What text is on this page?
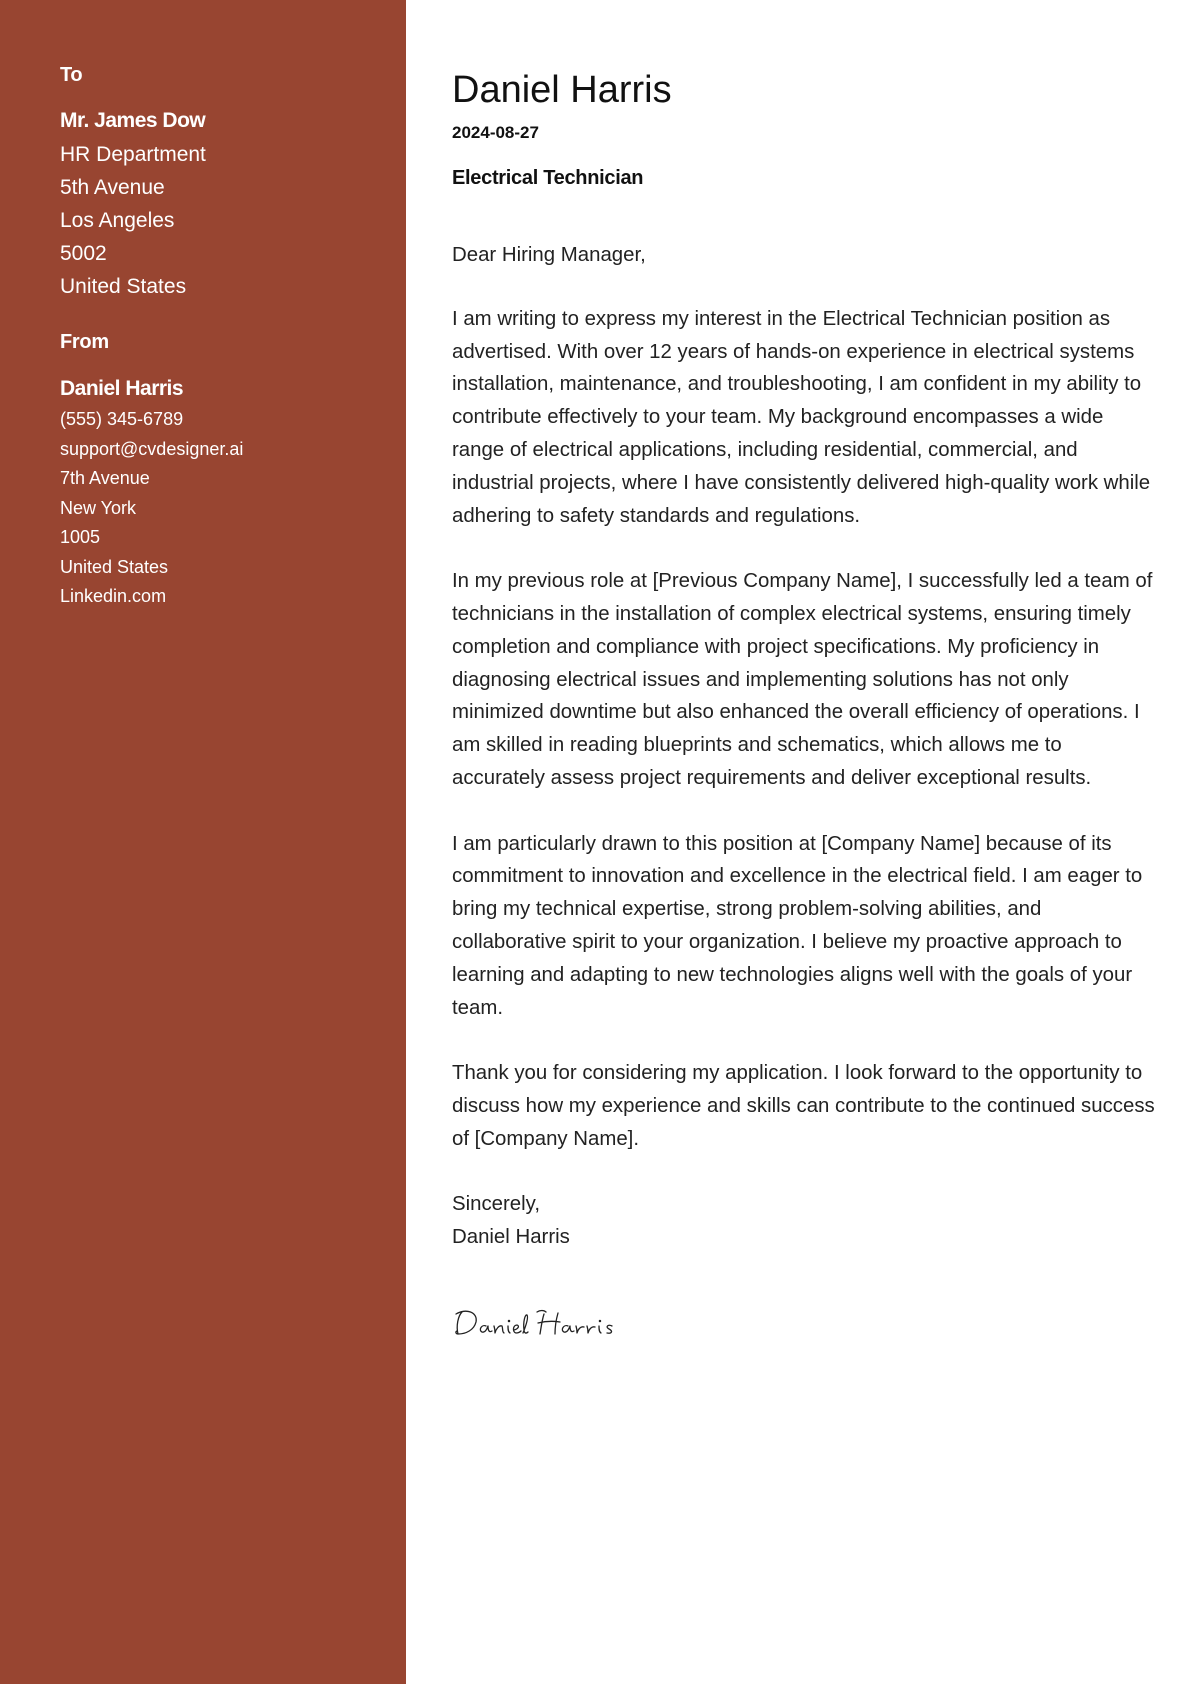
To
Mr. James Dow
HR Department
5th Avenue
Los Angeles
5002
United States
From
Daniel Harris
(555) 345-6789
support@cvdesigner.ai
7th Avenue
New York
1005
United States
Linkedin.com
Daniel Harris
2024-08-27
Electrical Technician

Dear Hiring Manager,

I am writing to express my interest in the Electrical Technician position as advertised. With over 12 years of hands-on experience in electrical systems installation, maintenance, and troubleshooting, I am confident in my ability to contribute effectively to your team. My background encompasses a wide range of electrical applications, including residential, commercial, and industrial projects, where I have consistently delivered high-quality work while adhering to safety standards and regulations.

In my previous role at [Previous Company Name], I successfully led a team of technicians in the installation of complex electrical systems, ensuring timely completion and compliance with project specifications. My proficiency in diagnosing electrical issues and implementing solutions has not only minimized downtime but also enhanced the overall efficiency of operations. I am skilled in reading blueprints and schematics, which allows me to accurately assess project requirements and deliver exceptional results.

I am particularly drawn to this position at [Company Name] because of its commitment to innovation and excellence in the electrical field. I am eager to bring my technical expertise, strong problem-solving abilities, and collaborative spirit to your organization. I believe my proactive approach to learning and adapting to new technologies aligns well with the goals of your team.

Thank you for considering my application. I look forward to the opportunity to discuss how my experience and skills can contribute to the continued success of [Company Name].

Sincerely,
Daniel Harris
